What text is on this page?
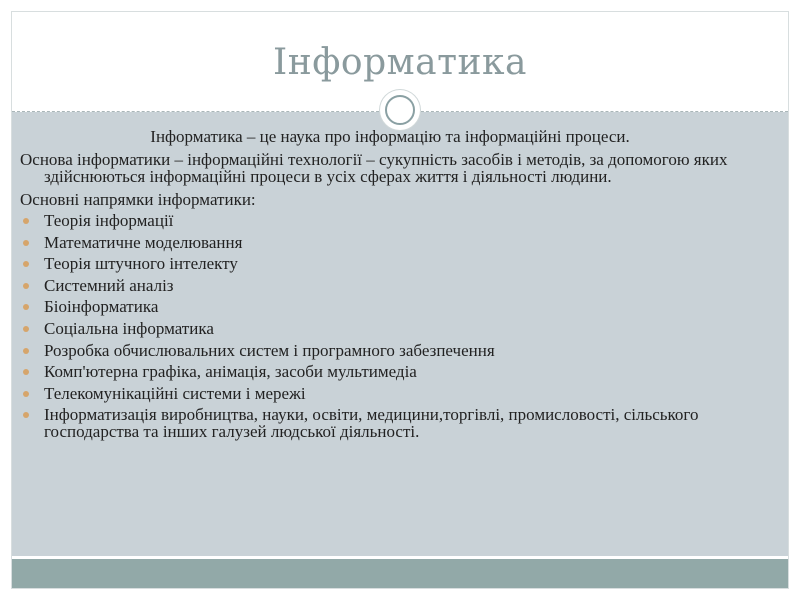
Інформатика

Інформатика – це наука про інформацію та інформаційні процеси.

Основа інформатики – інформаційні технології – сукупність засобів і методів, за допомогою яких здійснюються інформаційні процеси в усіх сферах життя і діяльності людини.

Основні напрямки інформатики:

Теорія інформації
Математичне моделювання
Теорія штучного інтелекту
Системний аналіз
Біоінформатика
Соціальна інформатика
Розробка обчислювальних систем і програмного забезпечення
Комп'ютерна графіка, анімація, засоби мультимедіа
Телекомунікаційні системи і мережі
Інформатизація виробництва, науки, освіти, медицини,торгівлі, промисловості, сільського господарства та інших галузей людської діяльності.
